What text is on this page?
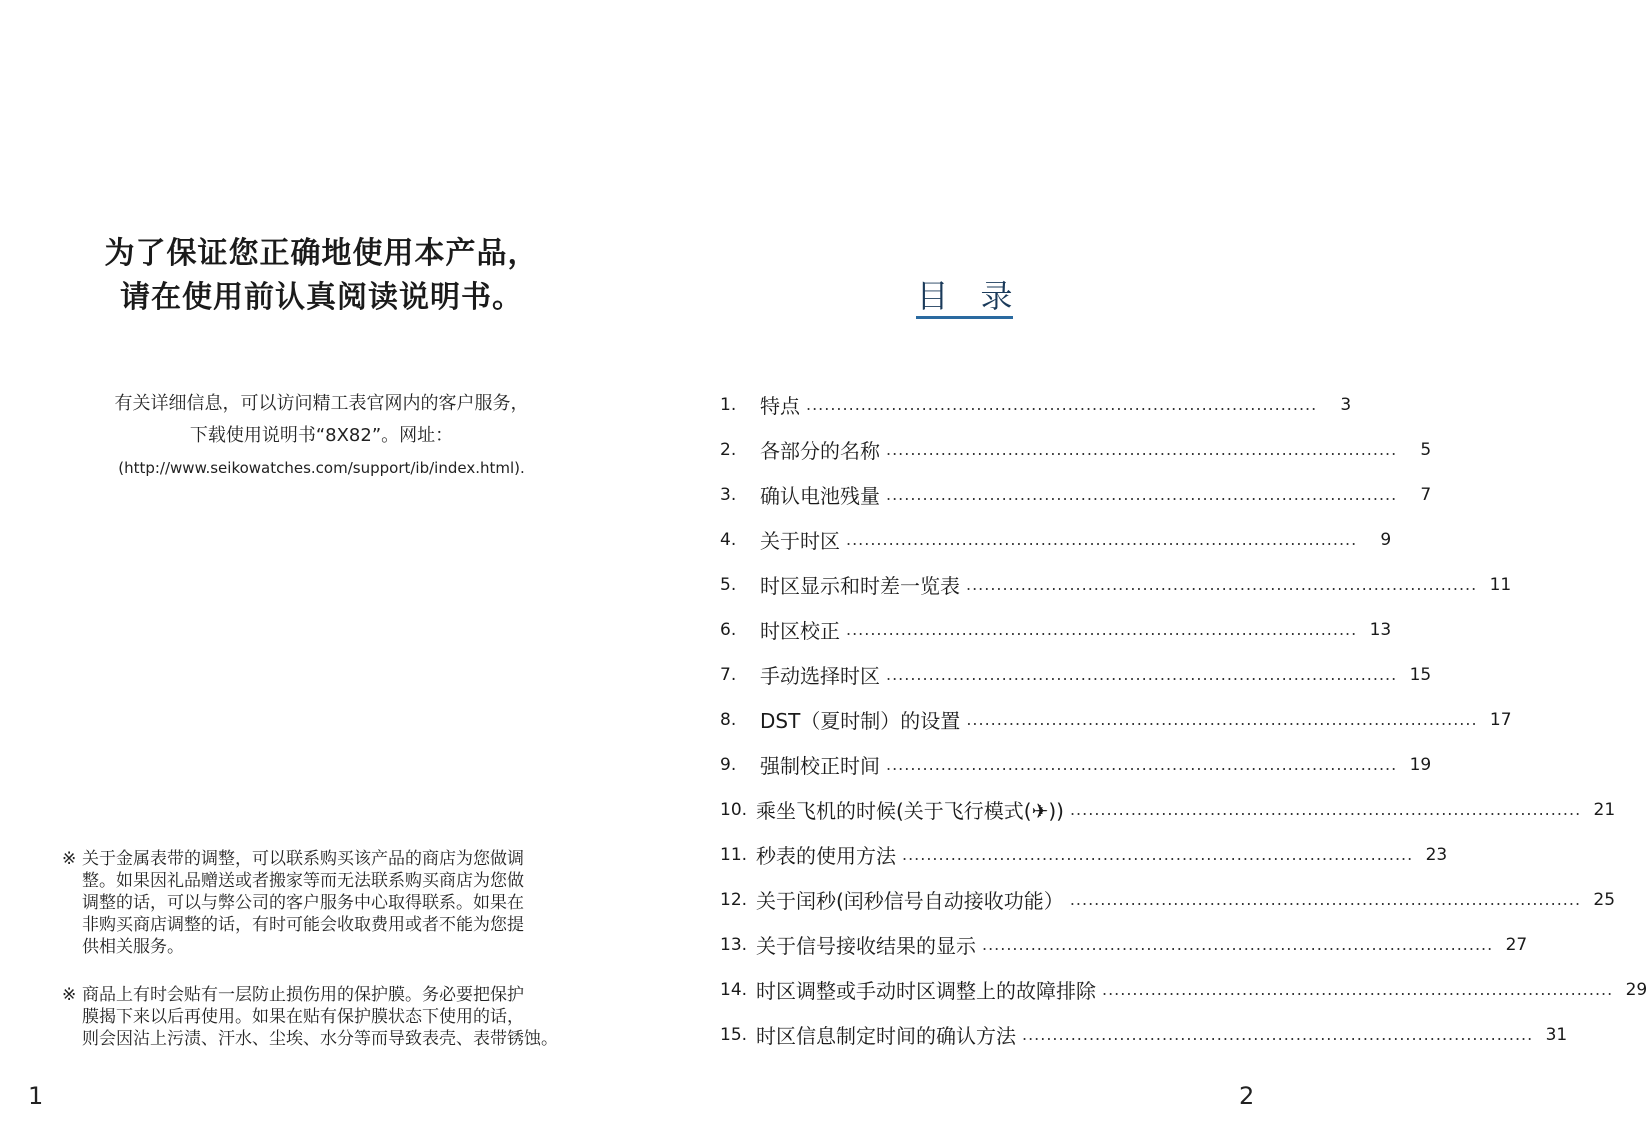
为了保证您正确地使用本产品，
请在使用前认真阅读说明书。
有关详细信息，可以访问精工表官网内的客户服务，
下载使用说明书“8X82”。网址：
(http://www.seikowatches.com/support/ib/index.html).
※ 关于金属表带的调整，可以联系购买该产品的商店为您做调
整。如果因礼品赠送或者搬家等而无法联系购买商店为您做
调整的话，可以与弊公司的客户服务中心取得联系。如果在
非购买商店调整的话，有时可能会收取费用或者不能为您提
供相关服务。
※ 商品上有时会贴有一层防止损伤用的保护膜。务必要把保护
膜揭下来以后再使用。如果在贴有保护膜状态下使用的话，
则会因沾上污渍、汗水、尘埃、水分等而导致表壳、表带锈蚀。
1	2
目　录
1.	特点 ....................................................................................	3
2.	各部分的名称 ....................................................................................	5
3.	确认电池残量 ....................................................................................	7
4.	关于时区 ....................................................................................	9
5.	时区显示和时差一览表 .................................................................................... 11
6.	时区校正 .................................................................................... 13
7.	手动选择时区 .................................................................................... 15
8.	DST（夏时制）的设置 .................................................................................... 17
9.	强制校正时间 .................................................................................... 19
10. 乘坐飞机的时候(关于飞行模式(✈)) .................................................................................... 21
11. 秒表的使用方法 .................................................................................... 23
12. 关于闰秒(闰秒信号自动接收功能） .................................................................................... 25
13. 关于信号接收结果的显示 .................................................................................... 27
14. 时区调整或手动时区调整上的故障排除 .................................................................................... 29
15. 时区信息制定时间的确认方法 .................................................................................... 31
